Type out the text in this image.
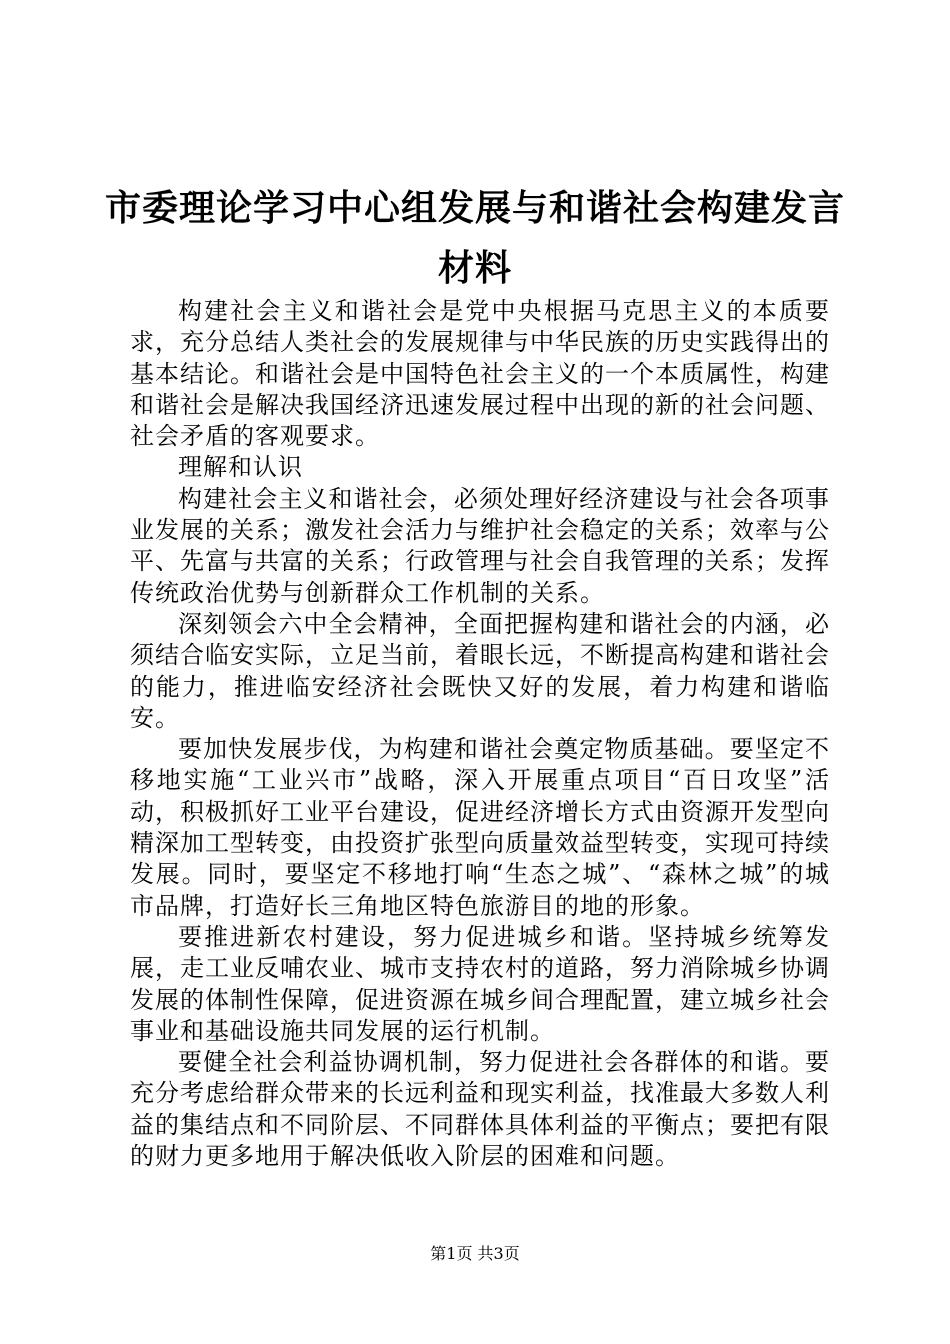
市委理论学习中心组发展与和谐社会构建发言材料

构建社会主义和谐社会是党中央根据马克思主义的本质要求，充分总结人类社会的发展规律与中华民族的历史实践得出的基本结论。和谐社会是中国特色社会主义的一个本质属性，构建和谐社会是解决我国经济迅速发展过程中出现的新的社会问题、社会矛盾的客观要求。

理解和认识

构建社会主义和谐社会，必须处理好经济建设与社会各项事业发展的关系；激发社会活力与维护社会稳定的关系；效率与公平、先富与共富的关系；行政管理与社会自我管理的关系；发挥传统政治优势与创新群众工作机制的关系。

深刻领会六中全会精神，全面把握构建和谐社会的内涵，必须结合临安实际，立足当前，着眼长远，不断提高构建和谐社会的能力，推进临安经济社会既快又好的发展，着力构建和谐临安。

要加快发展步伐，为构建和谐社会奠定物质基础。要坚定不移地实施“工业兴市”战略，深入开展重点项目“百日攻坚”活动，积极抓好工业平台建设，促进经济增长方式由资源开发型向精深加工型转变，由投资扩张型向质量效益型转变，实现可持续发展。同时，要坚定不移地打响“生态之城”、“森林之城”的城市品牌，打造好长三角地区特色旅游目的地的形象。

要推进新农村建设，努力促进城乡和谐。坚持城乡统筹发展，走工业反哺农业、城市支持农村的道路，努力消除城乡协调发展的体制性保障，促进资源在城乡间合理配置，建立城乡社会事业和基础设施共同发展的运行机制。

要健全社会利益协调机制，努力促进社会各群体的和谐。要充分考虑给群众带来的长远利益和现实利益，找准最大多数人利益的集结点和不同阶层、不同群体具体利益的平衡点；要把有限的财力更多地用于解决低收入阶层的困难和问题。

第1页 共3页
